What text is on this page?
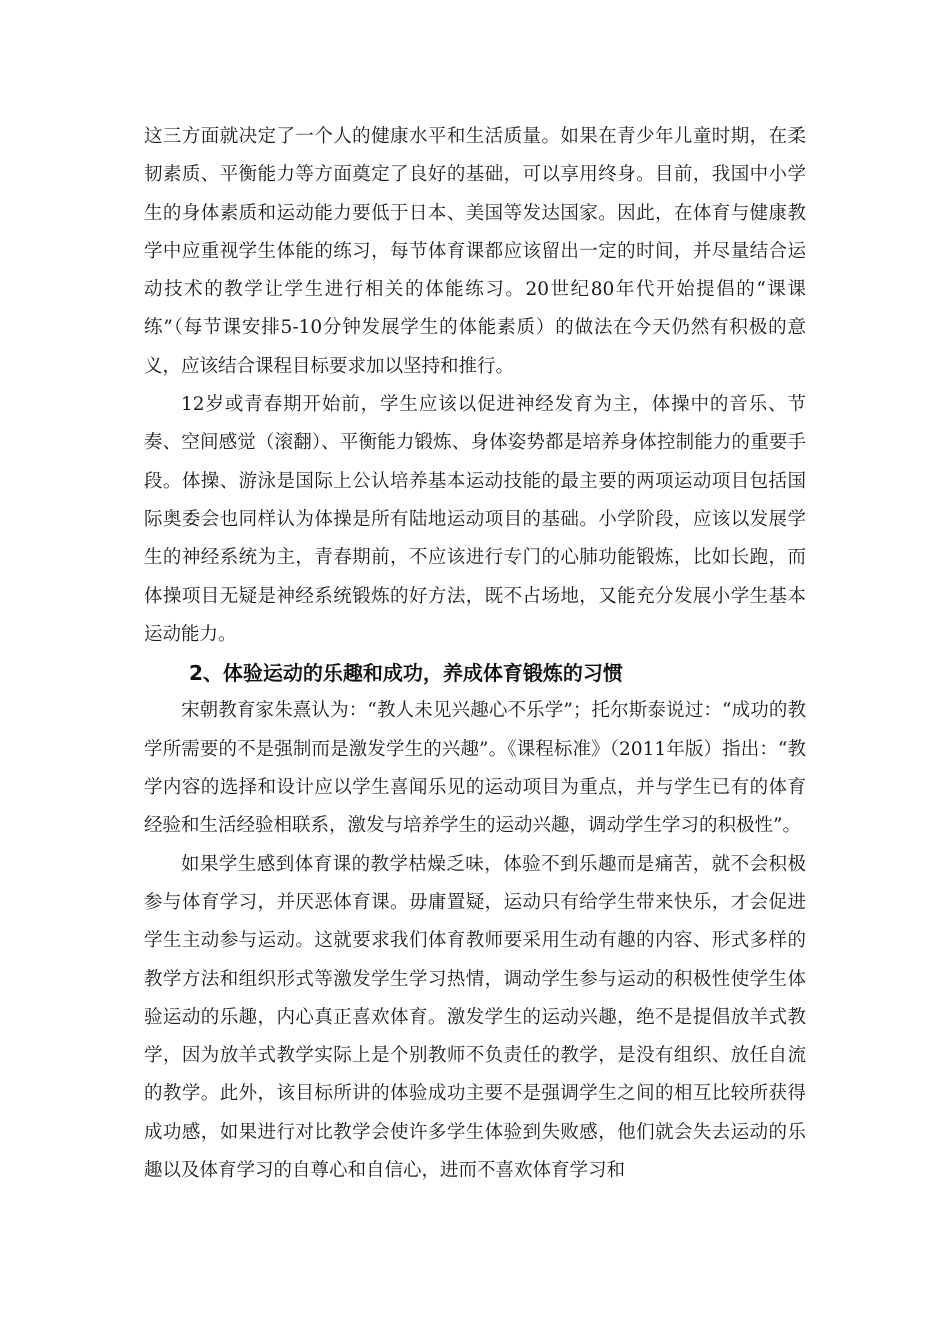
这三方面就决定了一个人的健康水平和生活质量。如果在青少年儿童时期，在柔韧素质、平衡能力等方面奠定了良好的基础，可以享用终身。目前，我国中小学生的身体素质和运动能力要低于日本、美国等发达国家。因此，在体育与健康教学中应重视学生体能的练习，每节体育课都应该留出一定的时间，并尽量结合运动技术的教学让学生进行相关的体能练习。20世纪80年代开始提倡的“课课练”（每节课安排5-10分钟发展学生的体能素质）的做法在今天仍然有积极的意义，应该结合课程目标要求加以坚持和推行。

12岁或青春期开始前，学生应该以促进神经发育为主，体操中的音乐、节奏、空间感觉（滚翻）、平衡能力锻炼、身体姿势都是培养身体控制能力的重要手段。体操、游泳是国际上公认培养基本运动技能的最主要的两项运动项目包括国际奥委会也同样认为体操是所有陆地运动项目的基础。小学阶段，应该以发展学生的神经系统为主，青春期前，不应该进行专门的心肺功能锻炼，比如长跑，而体操项目无疑是神经系统锻炼的好方法，既不占场地，又能充分发展小学生基本运动能力。

2、体验运动的乐趣和成功，养成体育锻炼的习惯

宋朝教育家朱熹认为：“教人未见兴趣心不乐学”；托尔斯泰说过：“成功的教学所需要的不是强制而是激发学生的兴趣”。《课程标准》（2011年版）指出：“教学内容的选择和设计应以学生喜闻乐见的运动项目为重点，并与学生已有的体育经验和生活经验相联系，激发与培养学生的运动兴趣，调动学生学习的积极性”。

如果学生感到体育课的教学枯燥乏味，体验不到乐趣而是痛苦，就不会积极参与体育学习，并厌恶体育课。毋庸置疑，运动只有给学生带来快乐，才会促进学生主动参与运动。这就要求我们体育教师要采用生动有趣的内容、形式多样的教学方法和组织形式等激发学生学习热情，调动学生参与运动的积极性使学生体验运动的乐趣，内心真正喜欢体育。激发学生的运动兴趣，绝不是提倡放羊式教学，因为放羊式教学实际上是个别教师不负责任的教学，是没有组织、放任自流的教学。此外，该目标所讲的体验成功主要不是强调学生之间的相互比较所获得成功感，如果进行对比教学会使许多学生体验到失败感，他们就会失去运动的乐趣以及体育学习的自尊心和自信心，进而不喜欢体育学习和
